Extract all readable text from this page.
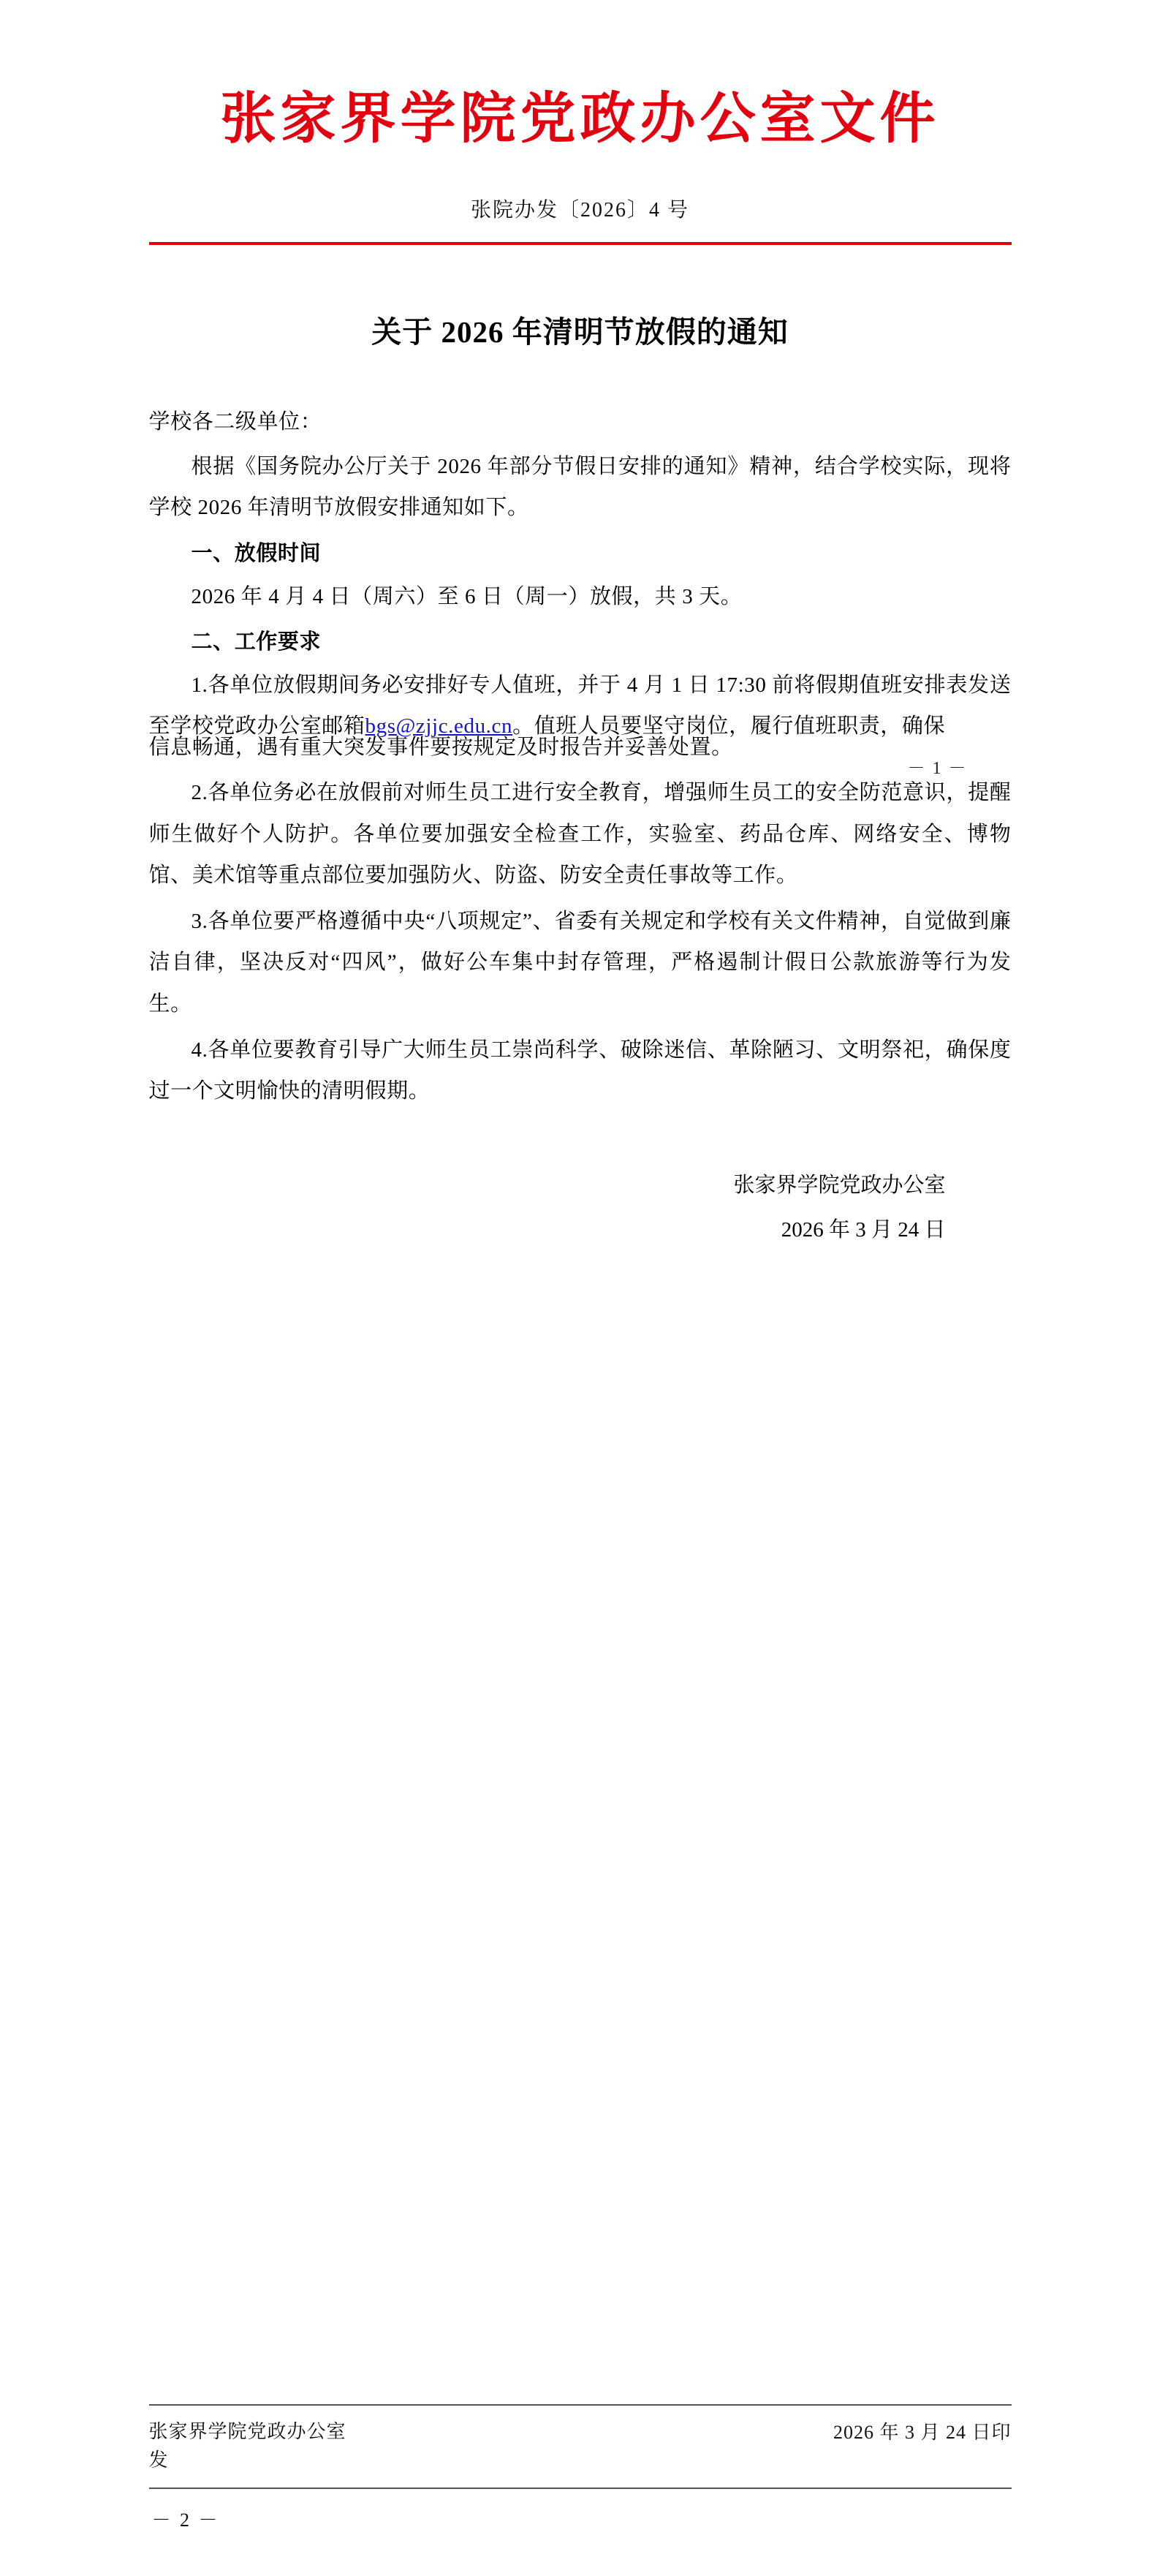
张家界学院党政办公室文件
张院办发〔2026〕4 号
关于 2026 年清明节放假的通知

学校各二级单位：

根据《国务院办公厅关于 2026 年部分节假日安排的通知》精神，结合学校实际，现将学校 2026 年清明节放假安排通知如下。

一、放假时间

2026 年 4 月 4 日（周六）至 6 日（周一）放假，共 3 天。

二、工作要求

1.各单位放假期间务必安排好专人值班，并于 4 月 1 日 17:30 前将假期值班安排表发送至学校党政办公室邮箱bgs@zjjc.edu.cn。值班人员要坚守岗位，履行值班职责，确保

－ 1 －

信息畅通，遇有重大突发事件要按规定及时报告并妥善处置。

2.各单位务必在放假前对师生员工进行安全教育，增强师生员工的安全防范意识，提醒师生做好个人防护。各单位要加强安全检查工作，实验室、药品仓库、网络安全、博物馆、美术馆等重点部位要加强防火、防盗、防安全责任事故等工作。

3.各单位要严格遵循中央“八项规定”、省委有关规定和学校有关文件精神，自觉做到廉洁自律，坚决反对“四风”，做好公车集中封存管理，严格遏制计假日公款旅游等行为发生。

4.各单位要教育引导广大师生员工崇尚科学、破除迷信、革除陋习、文明祭祀，确保度过一个文明愉快的清明假期。

张家界学院党政办公室
2026 年 3 月 24 日
张家界学院党政办公室
发
2026 年 3 月 24 日印
－ 2 －
